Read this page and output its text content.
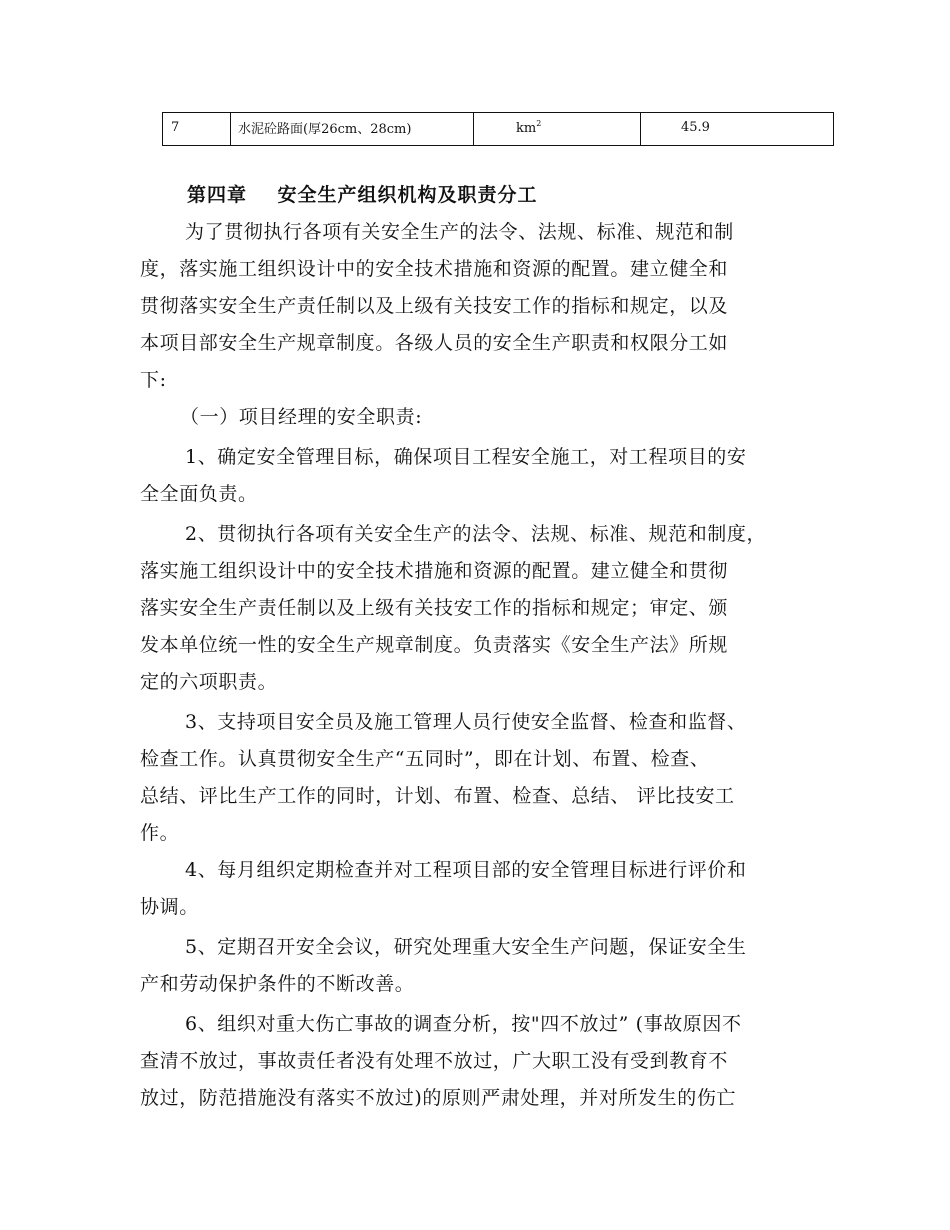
7	水泥砼路面(厚26cm、28cm)	$km^2$	45.9
第四章    安全生产组织机构及职责分工
为了贯彻执行各项有关安全生产的法令、法规、标准、规范和制
度，落实施工组织设计中的安全技术措施和资源的配置。建立健全和
贯彻落实安全生产责任制以及上级有关技安工作的指标和规定，以及
本项目部安全生产规章制度。各级人员的安全生产职责和权限分工如
下:
（一）项目经理的安全职责:
1、确定安全管理目标，确保项目工程安全施工，对工程项目的安
全全面负责。
2、贯彻执行各项有关安全生产的法令、法规、标准、规范和制度，
落实施工组织设计中的安全技术措施和资源的配置。建立健全和贯彻
落实安全生产责任制以及上级有关技安工作的指标和规定；审定、颁
发本单位统一性的安全生产规章制度。负责落实《安全生产法》所规
定的六项职责。
3、支持项目安全员及施工管理人员行使安全监督、检查和监督、
检查工作。认真贯彻安全生产“五同时”，即在计划、布置、检查、
总结、评比生产工作的同时，计划、布置、检查、总结、 评比技安工
作。
4、每月组织定期检查并对工程项目部的安全管理目标进行评价和
协调。
5、定期召开安全会议，研究处理重大安全生产问题，保证安全生
产和劳动保护条件的不断改善。
6、组织对重大伤亡事故的调查分析，按"四不放过” (事故原因不
查清不放过，事故责任者没有处理不放过，广大职工没有受到教育不
放过，防范措施没有落实不放过)的原则严肃处理，并对所发生的伤亡
